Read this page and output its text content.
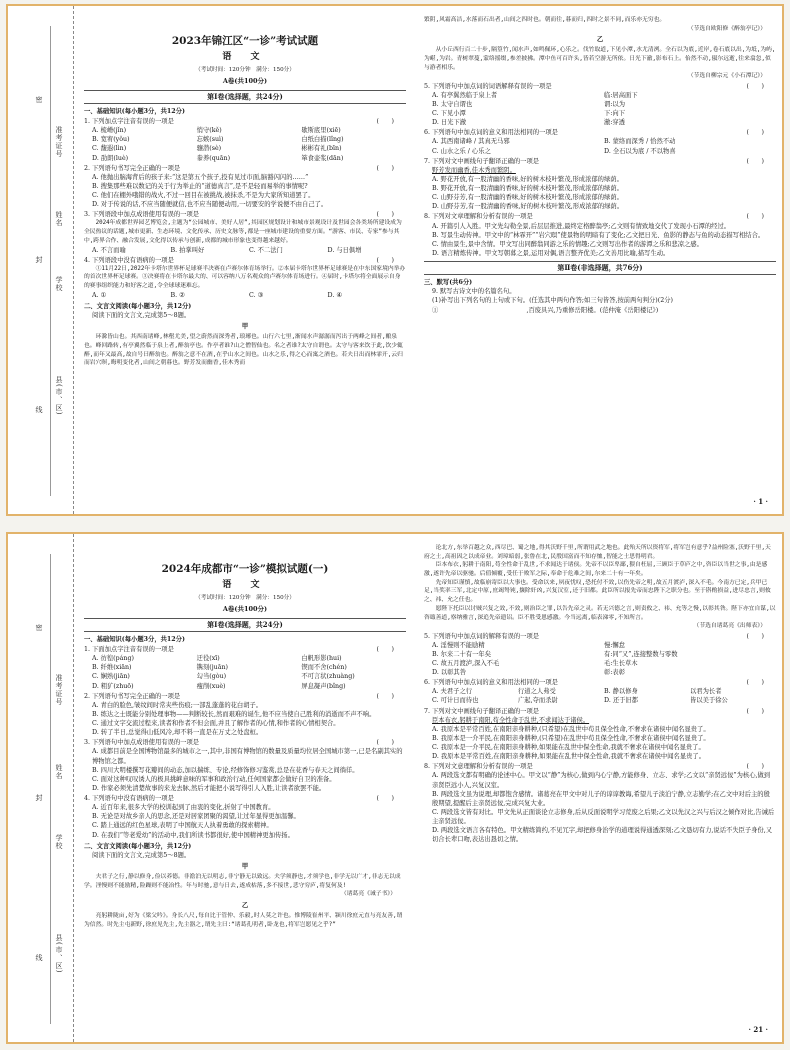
准考证号
姓名
学校
县(市、区)
密
封
线
2023年锦江区“一诊”考试试题
语 文
（考试时间：120分钟　满分：150分）
A卷(共100分)
第Ⅰ卷(选择题，共24分)
一、基础知识(每小题3分，共12分)
1. 下列加点字注音有误的一项是	(　　)
A. 梳嵴(jǐn)	悄守(kě)	歇斯底里(xiē)
B. 宽宥(yǒu)	忘嫉(suì)	白纸白描(lǐng)
C. 馥遐(lìn)	骧潜(sè)	彬彬有礼(bīn)
D. 劭朗(luè)	豢养(quān)	箪食壶浆(dān)
2. 下列语句书写完全正确的一项是	(　　)
A. 他抛出脑海背后的孩子来:“这是第五个孩子,投有见过市面,脑豁闪闪的……”
B. 搜集那些难以数记的关于行为举止的“道德真言”,是不是轻而易举的事情呢?
C. 他们在棚外哦错的战火,不过一回目在被挑战,被抹杀,不是为大家所知道罢了。
D. 对于传说的话,不应当随便就信,也不应当随便动用,一切要安的学说便不由自己了。
3. 下列语段中加点成语使用有误的一项是	(　　)
2024年成都世界园艺博览会,主题为“公园城市、美好人居”,其园区规划设计和城市景观设计及世园会各类场所建设成为全民热议的话题,城市更新、生态环境、文化传承、历史文脉等,都是一座城市建设的重要方面。“游客、市民、专家”参与其中,跨界合作、融合发展,文化得以传承与创新,成都的城市形象也变得越来越好。
A. 不言而喻	B. 拍掌叫好	C. 不二法门	D. 与日俱增
4. 下列语段中没有语病的一项是	(　　)
①11月22日,2022年卡塔尔世界杯足球赛半决赛在卢赛尔体育场举行。②本届卡塔尔世界杯足球赛是在中东国家境内举办的首次世界杯足球赛。③决赛将在卡塔尔最大的、可以容纳八万名观众的卢赛尔体育场进行。④届时,卡塔尔将全面展示自身的赛事组织能力和好客之道,令全球球迷难忘。
A. ①	B. ②	C. ③	D. ④
二、文言文阅读(每小题3分，共12分)
阅读下面的文言文,完成第5～8题。
甲
环滁皆山也。其西南诸峰,林壑尤美,望之蔚然而深秀者,琅琊也。山行六七里,渐闻水声潺潺而泻出于两峰之间者,酿泉也。峰回路转,有亭翼然临于泉上者,醉翁亭也。作亭者谁?山之僧智仙也。名之者谁?太守自谓也。太守与客来饮于此,饮少辄醉,而年又最高,故自号曰醉翁也。醉翁之意不在酒,在乎山水之间也。山水之乐,得之心而寓之酒也。若夫日出而林霏开,云归而岩穴暝,晦明变化者,山间之朝暮也。野芳发而幽香,佳木秀而
繁阴,风霜高洁,水落而石出者,山间之四时也。朝而往,暮而归,四时之景不同,而乐亦无穷也。
（节选自欧阳修《醉翁亭记》）
乙
从小丘西行百二十步,隔篁竹,闻水声,如鸣佩环,心乐之。伐竹取道,下见小潭,水尤清冽。全石以为底,近岸,卷石底以出,为坻,为屿,为嵁,为岩。青树翠蔓,蒙络摇缀,参差披拂。潭中鱼可百许头,皆若空游无所依。日光下澈,影布石上。佁然不动,俶尔远逝,往来翕忽,似与游者相乐。
（节选自柳宗元《小石潭记》）
5. 下列语句中加点词的词语解释有误的一项是	(　　)
A. 有亭翼然临于泉上者	临:居高面下
B. 太守自谓也	谓:以为
C. 下见小潭	下:向下
D. 日光下澈	澈:穿透
6. 下列语句中加点词的意义和用法相同的一项是	(　　)
A. 其西南诸峰 / 其真无马邪	B. 蒙络而深秀 / 恰然不动
C. 山水之乐 / 心乐之	D. 全石以为底 / 不以物喜
7. 下列对文中画线句子翻译正确的一项是	(　　)
野芳发而幽香,佳木秀而繁阴。
A. 野花开放,有一股清幽的香味,好的树木枝叶繁茂,形成浓郁的绿荫。
B. 野花开放,有一股清幽的香味,好的树木枝叶繁茂,形成浓郁的绿荫。
C. 山野芬芳,有一股清幽的香味,好的树木枝叶繁茂,形成浓郁的绿荫。
D. 山野芬芳,有一股清幽的香味,好的树木枝叶繁茂,形成浓郁的绿荫。
8. 下列对文章理解和分析有误的一项是	(　　)
A. 开篇引人入胜。甲文先勾勒全景,后层层推进,最终定格醉翁亭;乙文则有情致地交代了发现小石潭的经过。
B. 写景生动传神。甲文中的“林霏开”“岩穴暝”使景物的明暗有了变化;乙文把日光、鱼影的静态与鱼的动态描写相结合。
C. 情由景生,景中含情。甲文写出同醉翁同游之乐的情趣;乙文则写出作者的游潭之乐和悲凉之感。
D. 语言精炼传神。甲文写朝暮之景,运用对偶,语言整齐优美;乙文善用比喻,描写生动。
第Ⅱ卷(非选择题，共76分)
三、默写(共6分)
9. 默写古诗文中的名篇名句。
(1)补写出下列名句的上句或下句。(任选其中两句作答;如三句皆答,按前两句判分)(2分)
①　　　　　　　　　　　　　　,百废具兴,乃重修岳阳楼。(范仲淹《岳阳楼记》)
· 1 ·
准考证号
姓名
学校
县(市、区)
密
封
线
2024年成都市“一诊”模拟试题(一)
语 文
（考试时间：120分钟　满分：150分）
A卷(共100分)
第Ⅰ卷(选择题，共24分)
一、基础知识(每小题3分，共12分)
1. 下面加点字注音有误的一项是	(　　)
A. 彷徨(páng)	迂役(xī)	白帆形影(hui)
B. 纤维(xiān)	镌刻(juān)	锲而不舍(chén)
C. 娴熟(jiān)	勾当(gòu)	不可言状(zhuàng)
D. 粗犷(zhuō)	瘦削(xuè)	屏息凝声(bǐng)
2. 下列语句书写完全正确的一项是	(　　)
A. 青白的脸色,皱纹间时常夹些伤痕;一部乱蓬蓬的花白胡子。
B. 练达之士既能分别处理事物——判断较长,然而艰难的诞生,他不应当使自己胜利的消逝而不声不响。
C. 通过文字交流过程来,读者和作者不但会面,并且了解作者的心情,和作者的心情相契合。
D. 转了半日,总觉得山低风冷,却不料一直是在万丈之处盘桓。
3. 下列语句中加点成语使用有误的一项是	(　　)
A. 成都目前是全国博物馆最多的城市之一,其中,非国有博物馆的数量及质量均位居全国城市第一,已是名副其实的博物馆之都。
B. 四川大明楼撰写花瓣间的动态,加以揣练、专论,经修饰修习鉴赏,总是在花香与春天之间徜徉。
C. 面对这种叹叹诱人的极具挑衅意味的军事和政治行动,任何国家都会做好自卫的准备。
D. 作家必须先清楚故事的来龙去脉,然后才能把小说写得引人入胜,让读者欲罢不能。
4. 下列语句中没有语病的一项是	(　　)
A. 近百年来,很多大学的校训起到了由衷的变化,折射了中国教育。
B. 无论是对故乡亲人的思念,还是对居家团聚的渴望,让过年显得更加温馨。
C. 踏上通远的红色星球,表明了中国航天人执着勇敢的探索精神。
D. 在我们“等老爱幼”的活动中,我们所读书都很好,使中国精神更加传扬。
二、文言文阅读(每小题3分，共12分)
阅读下面的文言文,完成第5～8题。
甲
夫君子之行,静以修身,俭以养德。非澹泊无以明志,非宁静无以致远。夫学须静也,才须学也,非学无以广才,非志无以成学。淫慢则不能励精,险躁则不能冶性。年与时驰,意与日去,遂成枯落,多不接世,悲守穷庐,将复何及!
（诸葛亮《诫子书》）
乙
亮躬耕陇亩,好为《梁父吟》。身长八尺,每自比于管仲、乐毅,时人莫之许也。惟博陵崔州平、颍川徐庶元直与亮友善,谓为信然。时先主屯新野,徐庶见先主,先主器之,谓先主曰:“诸葛孔明者,卧龙也,将军岂愿见之乎?”
论北方,东举百越之众,西尽巴、蜀之地,得其沃野千里,所谓用武之地也。此殆天所以资将军,将军岂有意乎?益州险塞,沃野千里,天府之土,高祖因之以成帝业。刘璋暗弱,张鲁在北,民殷国富而不知存恤,智能之士思得明君。
臣本布衣,躬耕于南阳,苟全性命于乱世,不求闻达于诸侯。先帝不以臣卑鄙,猥自枉屈,三顾臣于草庐之中,咨臣以当世之事,由是感激,遂许先帝以驱驰。后值倾覆,受任于败军之际,奉命于危难之间,尔来二十有一年矣。
先帝知臣谨慎,故临崩寄臣以大事也。受命以来,夙夜忧叹,恐托付不效,以伤先帝之明,故五月渡泸,深入不毛。今南方已定,兵甲已足,当奖率三军,北定中原,庶竭驽钝,攘除奸凶,兴复汉室,还于旧都。此臣所以报先帝而忠陛下之职分也。至于斟酌损益,进尽忠言,则攸之、祎、允之任也。
愿陛下托臣以讨贼兴复之效,不效,则治臣之罪,以告先帝之灵。若无兴德之言,则责攸之、祎、允等之慢,以彰其咎。陛下亦宜自谋,以咨诹善道,察纳雅言,深追先帝遗诏。臣不胜受恩感激。今当远离,临表涕零,不知所言。
（节选自诸葛亮《出师表》）
5. 下列语句中加点词的解释有误的一项是	(　　)
A. 淫慢则不能励精	慢:懈怠
B. 尔来二十有一年矣	有:同“又”,连接整数与零数
C. 故五月渡泸,深入不毛	毛:生长草木
D. 以彰其咎	彰:表彰
6. 下列语句中加点词的意义和用法相同的一项是	(　　)
A. 夫君子之行	行道之人弗受	B. 静以修身	以君为长者
C. 可计日而待也	广起,夺而杀尉	D. 还于旧都	皆以美于徐公
7. 下列对文中画线句子翻译正确的一项是	(　　)
臣本布衣,躬耕于南阳,苟全性命于乱世,不求闻达于诸侯。
A. 我原本是平常百姓,在南阳亲身耕种,(只希望)在乱世中苟且保全性命,不奢求在诸侯中闻名显贵了。
B. 我原本是一介平民,在南阳亲身耕种,(只希望)在乱世中苟且保全性命,不奢求在诸侯中闻名显贵了。
C. 我原本是一介平民,在南阳亲身耕种,如果能在乱世中保全性命,我就不奢求在诸侯中闻名显贵了。
D. 我原本是平常百姓,在南阳亲身耕种,如果能在乱世中保全性命,我就不奢求在诸侯中闻名显贵了。
8. 下列对文意理解和分析有误的一项是	(　　)
A. 两段选文都有明确的论述中心。甲文以“静”为核心,做到内心宁静,方能修身、立志、求学;乙文以“亲贤远佞”为核心,做到亲贤臣远小人,兴复汉室。
B. 两段选文虽为说理,却都饱含感情。诸葛亮在甲文中对儿子的谆谆教诲,希望儿子淡泊宁静,立志勤学;在乙文中对后主的殷殷期望,提醒后主亲贤远佞,完成兴复大业。
C. 两段选文皆有对比。甲文先从正面谈论立志修身,后从反面说明学习荒废之后果;乙文以先汉之兴与后汉之倾作对比,告诫后主亲贤远佞。
D. 两段选文语言各有特色。甲文精练简约,不见冗字,却把修身治学的道理说得通透深刻;乙文恳切有力,说话不失臣子身份,又切合长辈口吻,表达出恳切之情。
· 21 ·
